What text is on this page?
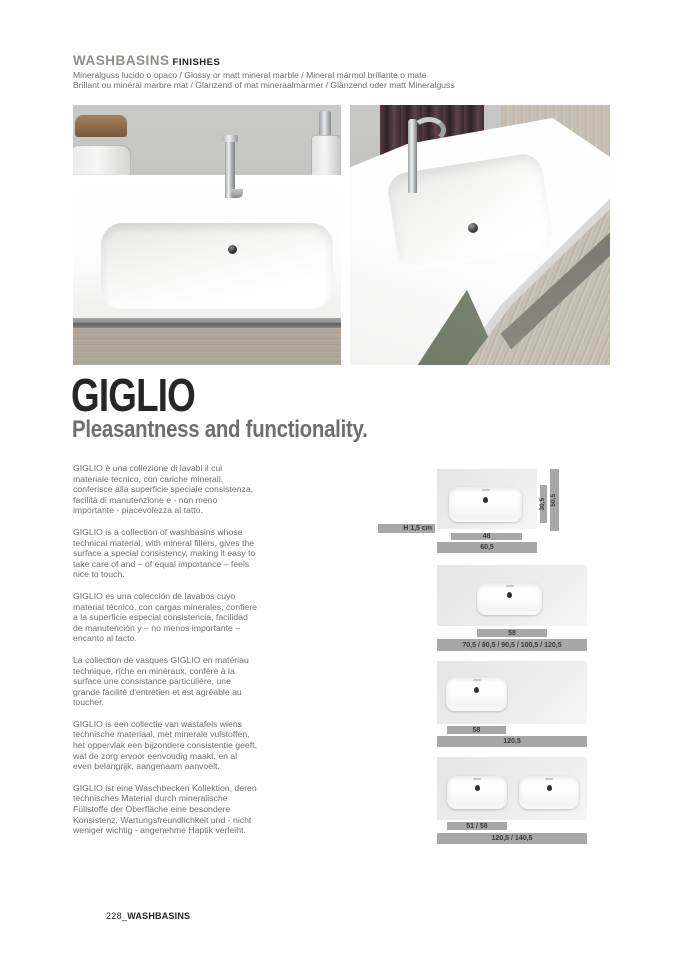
WASHBASINS FINISHES
Mineralguss lucido o opaco / Glossy or matt mineral marble / Mineral mármol brillante o mate
Brillant ou minéral marbre mat / Glanzend of mat mineraalmarmer / Glänzend oder matt Mineralguss
GIGLIO
Pleasantness and functionality.

GIGLIO è una collezione di lavabi il cui materiale tecnico, con cariche minerali, conferisce alla superficie speciale consistenza, facilità di manutenzione e - non meno importante - piacevolezza al tatto.

GIGLIO is a collection of washbasins whose technical material, with mineral fillers, gives the surface a special consistency, making it easy to take care of and – of equal importance – feels nice to touch.

GIGLIO es una colección de lavabos cuyo material técnico, con cargas minerales, confiere a la superficie especial consistencia, facilidad de manutención y – no menos importante – encanto al tacto.

La collection de vasques GIGLIO en matériau technique, riche en minéraux, confère à la surface une consistance particulière, une grande facilité d'entretien et est agréable au toucher.

GIGLIO is een collectie van wastafels wiens technische materiaal, met minerale vulstoffen, het oppervlak een bijzondere consistentie geeft, wat de zorg ervoor eenvoudig maakt, en al even belangrijk, aangenaam aanvoelt.

GIGLIO ist eine Waschbecken Kollektion, deren technisches Material durch mineralische Füllstoffe der Oberfläche eine besondere Konsistenz, Wartungsfreundlichkeit und - nicht weniger wichtig - angenehme Haptik verleiht.

H 1,5 cm
30,5 50,5
48
60,5
58
70,5 / 80,5 / 90,5 / 100,5 / 120,5
58
120,5
51 / 58
120,5 / 140,5
228_WASHBASINS
